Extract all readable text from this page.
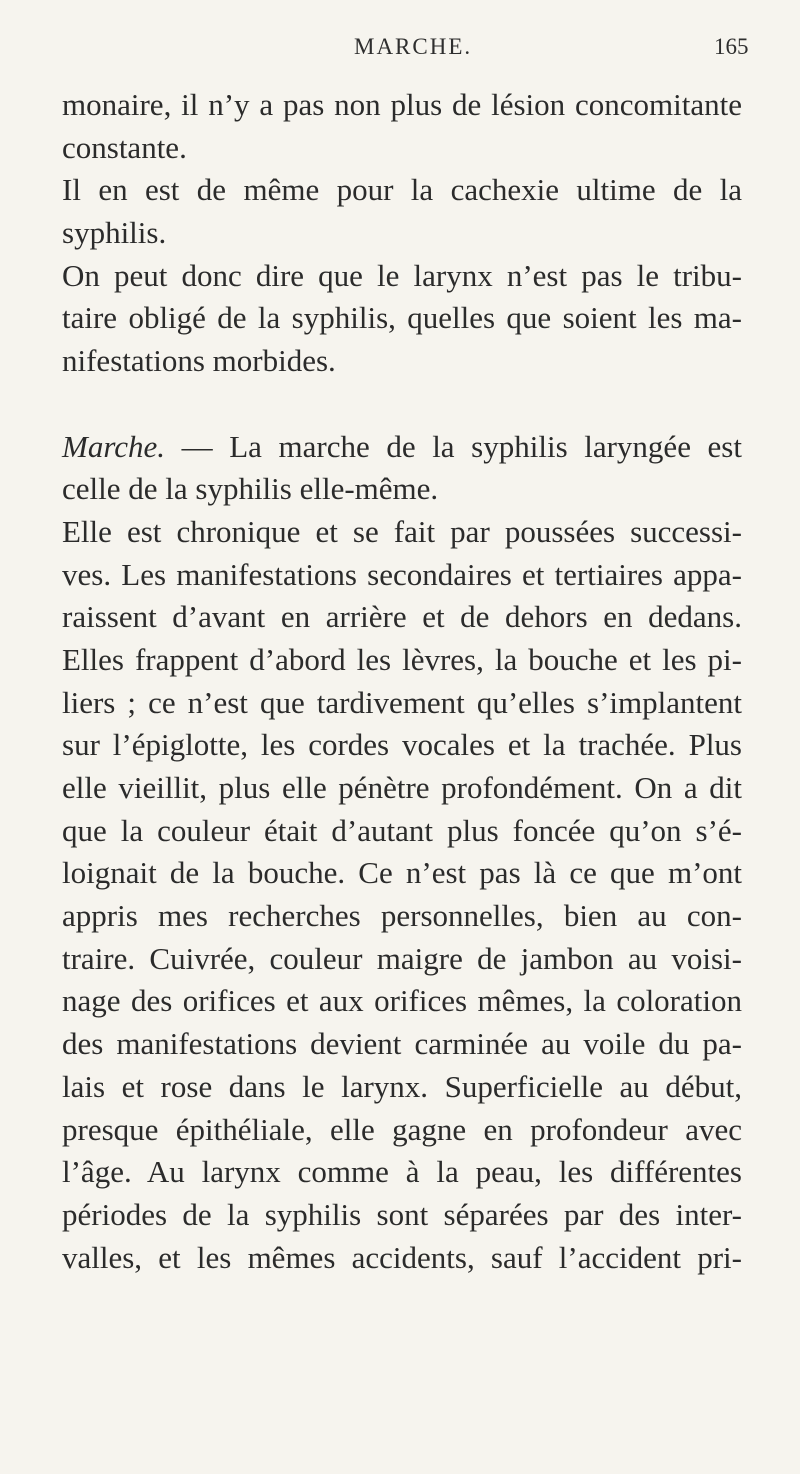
MARCHE.	165
monaire, il n’y a pas non plus de lésion concomitante
constante.
Il en est de même pour la cachexie ultime de la
syphilis.
On peut donc dire que le larynx n’est pas le tribu-
taire obligé de la syphilis, quelles que soient les ma-
nifestations morbides.
Marche. — La marche de la syphilis laryngée est
celle de la syphilis elle-même.
Elle est chronique et se fait par poussées successi-
ves. Les manifestations secondaires et tertiaires appa-
raissent d’avant en arrière et de dehors en dedans.
Elles frappent d’abord les lèvres, la bouche et les pi-
liers ; ce n’est que tardivement qu’elles s’implantent
sur l’épiglotte, les cordes vocales et la trachée. Plus
elle vieillit, plus elle pénètre profondément. On a dit
que la couleur était d’autant plus foncée qu’on s’é-
loignait de la bouche. Ce n’est pas là ce que m’ont
appris mes recherches personnelles, bien au con-
traire. Cuivrée, couleur maigre de jambon au voisi-
nage des orifices et aux orifices mêmes, la coloration
des manifestations devient carminée au voile du pa-
lais et rose dans le larynx. Superficielle au début,
presque épithéliale, elle gagne en profondeur avec
l’âge. Au larynx comme à la peau, les différentes
périodes de la syphilis sont séparées par des inter-
valles, et les mêmes accidents, sauf l’accident pri-
